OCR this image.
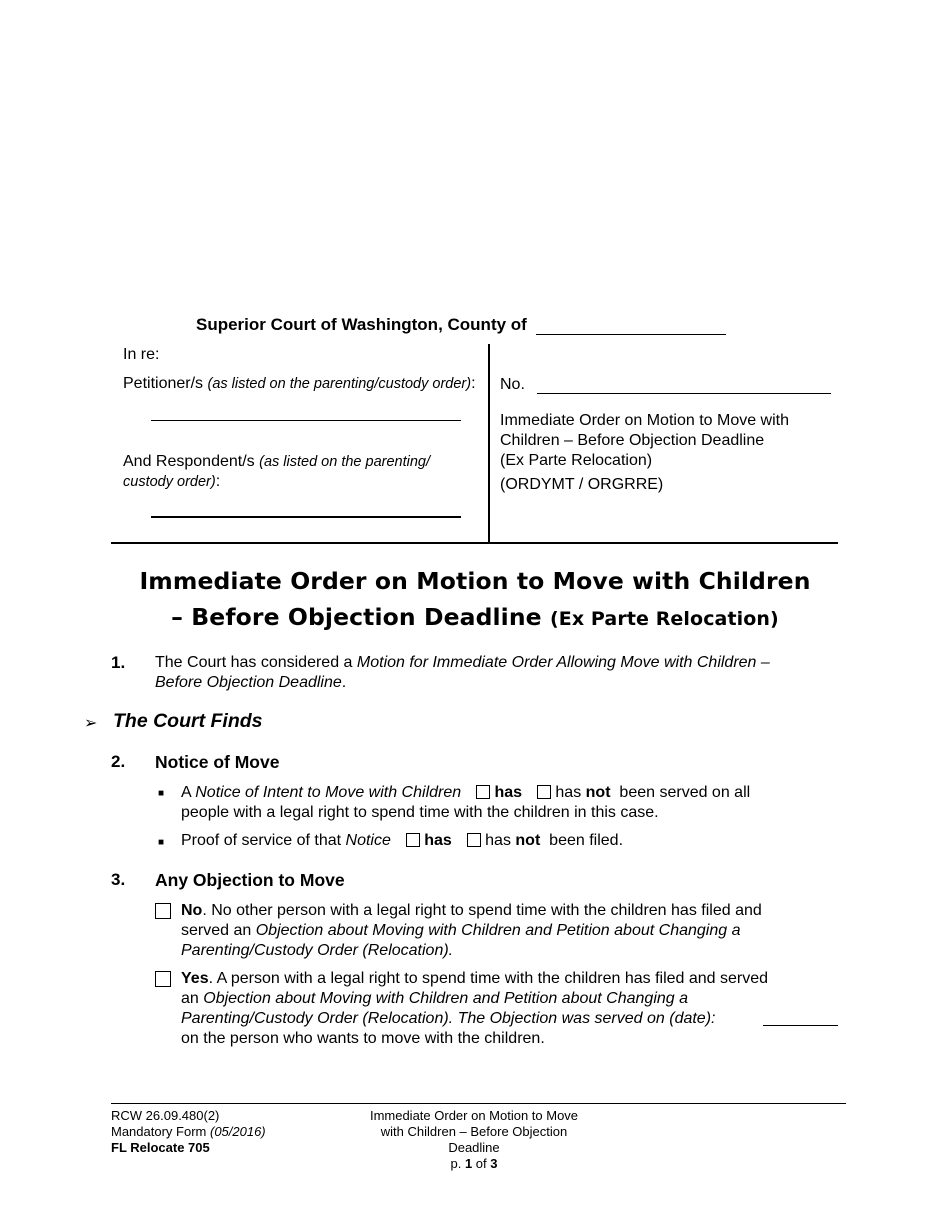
Superior Court of Washington, County of
In re:
Petitioner/s (as listed on the parenting/custody order):
And Respondent/s (as listed on the parenting/
custody order):
No.

Immediate Order on Motion to Move with

Children – Before Objection Deadline

(Ex Parte Relocation)

(ORDYMT / ORGRRE)

Immediate Order on Motion to Move with Children
– Before Objection Deadline (Ex Parte Relocation)
1. The Court has considered a Motion for Immediate Order Allowing Move with Children –

Before Objection Deadline.

➢ The Court Finds
2. Notice of Move
■ A Notice of Intent to Move with Children has has not been served on all

people with a legal right to spend time with the children in this case.

■ Proof of service of that Notice has has not been filed.
3. Any Objection to Move

No. No other person with a legal right to spend time with the children has filed and

served an Objection about Moving with Children and Petition about Changing a

Parenting/Custody Order (Relocation).

Yes. A person with a legal right to spend time with the children has filed and served

an Objection about Moving with Children and Petition about Changing a

Parenting/Custody Order (Relocation). The Objection was served on (date):

on the person who wants to move with the children.

RCW 26.09.480(2)

Mandatory Form (05/2016)

FL Relocate 705

Immediate Order on Motion to Move

with Children – Before Objection

Deadline

p. 1 of 3
